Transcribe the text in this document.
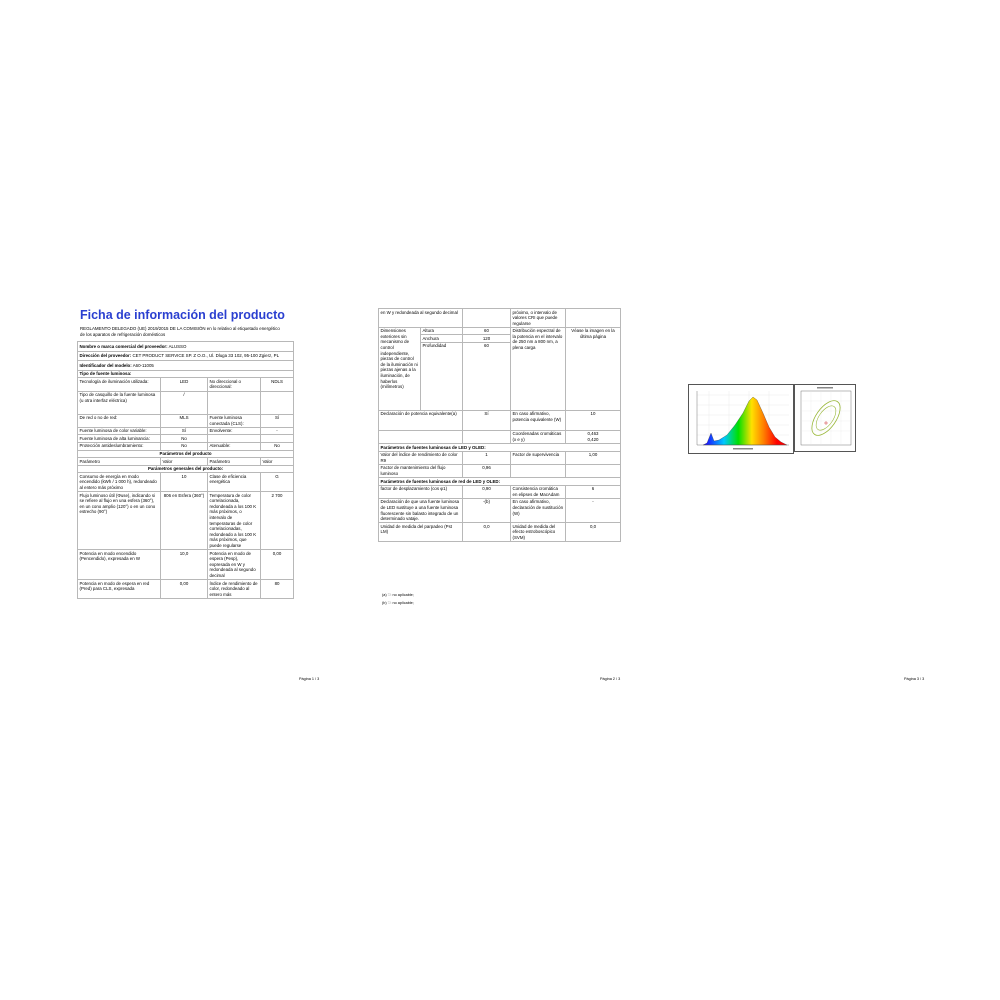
Ficha de información del producto
REGLAMENTO DELEGADO (UE) 2019/2015 DE LA COMISIÓN en lo relativo al etiquetado energético
de los aparatos de refrigeración domésticos
Nombre o marca comercial del proveedor: ALUSSO			
Dirección del proveedor: CET PRODUCT SERVICE SP. Z O.O., Ul. Dluga 33 102, 95-100 Zgierz, PL			
Identificador del modelo: A60-11005			
Tipo de fuente luminosa:			
Tecnología de iluminación utilizada:	LED	No direccional o direccional:	NDLS
Tipo de casquillo de la fuente luminosa (u otra interfaz eléctrica)	/		
De red o no de red:	MLS	Fuente luminosa conectada (CLS):	Sí
Fuente luminosa de color variable:	Sí	Envolvente:	-
Fuente luminosa de alta luminancia:	No		
Protección antideslumbramiento:	No	Atenuable:	No
Parámetros del producto			
Parámetro	Valor	Parámetro	Valor
Parámetros generales del producto:			
Consumo de energía en modo encendido (kWh / 1 000 h), redondeado al entero más próximo	10	Clase de eficiencia energética	G
Flujo luminoso útil (Φuse), indicando si se refiere al flujo en una esfera (360°), en un cono amplio (120°) o en un cono estrecho (90°)	806 en Esfera (360°)	Temperatura de color correlacionada, redondeada a los 100 K más próximos, o intervalo de temperaturas de color correlacionadas, redondeado a los 100 K más próximos, que puede regularse	2 700
Potencia en modo encendido (Pencendido), expresada en W	10,0	Potencia en modo de espera (Pesp), expresada en W y redondeada al segundo decimal	0,00
Potencia en modo de espera en red (Pred) para CLS, expresada	0,00	Índice de rendimiento de color, redondeado al entero más	80
Página 1 / 3
en W y redondeada al segundo decimal			próximo, o intervalo de valores CRI que puede regularse	
Dimensiones exteriores sin mecanismo de control independiente, piezas de control de la iluminación ni piezas ajenas a la iluminación, de haberlos (milímetros)	Altura	60	Distribución espectral de la potencia en el intervalo de 250 nm a 800 nm, a plena carga	Véase la imagen en la última página
	Anchura	120		
	Profundidad	60		
Declaración de potencia equivalente(a)		Sí	En caso afirmativo, potencia equivalente (W)	10
			Coordenadas cromáticas (x e y)	0,463
0,420

Parámetros de fuentes luminosas de LED y OLED:				
Valor del índice de rendimiento de color R9		1	Factor de supervivencia	1,00
Factor de mantenimiento del flujo luminoso		0,96		
Parámetros de fuentes luminosas de red de LED y OLED:				
factor de desplazamiento (cos φ1)		0,90	Consistencia cromática en elipses de MacAdam	6
Declaración de que una fuente luminosa de LED sustituye a una fuente luminosa fluorescente sin balasto integrado de un determinado vataje.		-(b)	En caso afirmativo, declaración de sustitución (W)	-
Unidad de medida del parpadeo (Pst LM)		0,0	Unidad de medida del efecto estroboscópico (SVM)	0,0
(a) '-': no aplicable;
(b) '-': no aplicable;
Página 2 / 3	Página 3 / 3
